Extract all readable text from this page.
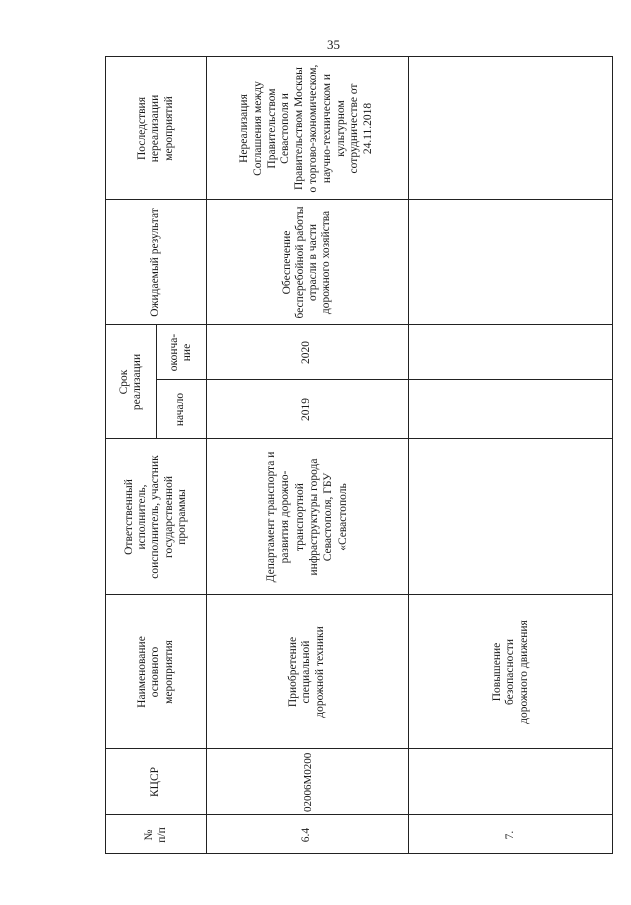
35
№
п/п
КЦСР
Наименование основного мероприятия
Ответственный исполнитель, соисполнитель, участник государственной программы
Срок реализации	начало
оконча-ние
Ожидаемый результат
Последствия нереализации мероприятий
6.4
02006М0200
Приобретение специальной дорожной техники
Департамент транспорта и развития дорожно-транспортной инфраструктуры города Севастополя, ГБУ «Севастополь
2019
2020
Обеспечение бесперебойной работы отрасли в части дорожного хозяйства
Нереализация Соглашения между Правительством Севастополя и Правительством Москвы о торгово-экономическом, научно-техническом и культурном сотрудничестве от 24.11.2018
7.
Повышение безопасности дорожного движения
